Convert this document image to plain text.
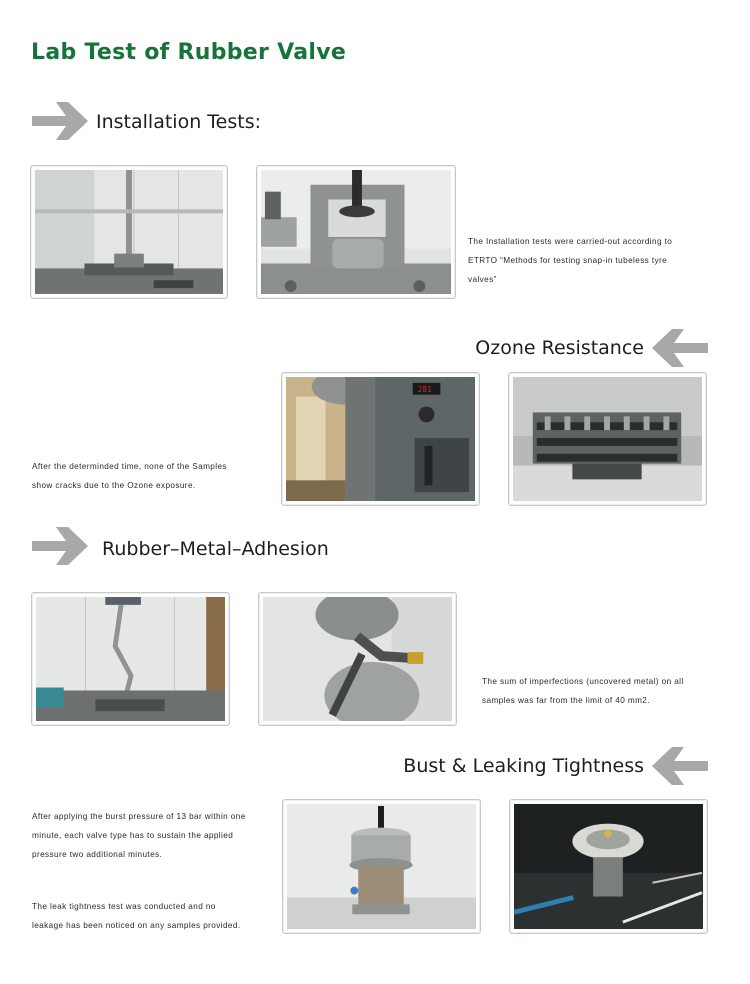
Lab Test of Rubber Valve
Installation Tests:

The Installation tests were carried-out according to

ETRTO “Methods for testing snap-in tubeless tyre

valves”

Ozone Resistance
281

After the determinded time, none of the Samples

show cracks due to the Ozone exposure.

Rubber–Metal–Adhesion

The sum of imperfections (uncovered metal) on all

samples was far from the limit of 40 mm2.

Bust & Leaking Tightness

After applying the burst pressure of 13 bar within one

minute, each valve type has to sustain the applied

pressure two additional minutes.

The leak tightness test was conducted and no

leakage has been noticed on any samples provided.
